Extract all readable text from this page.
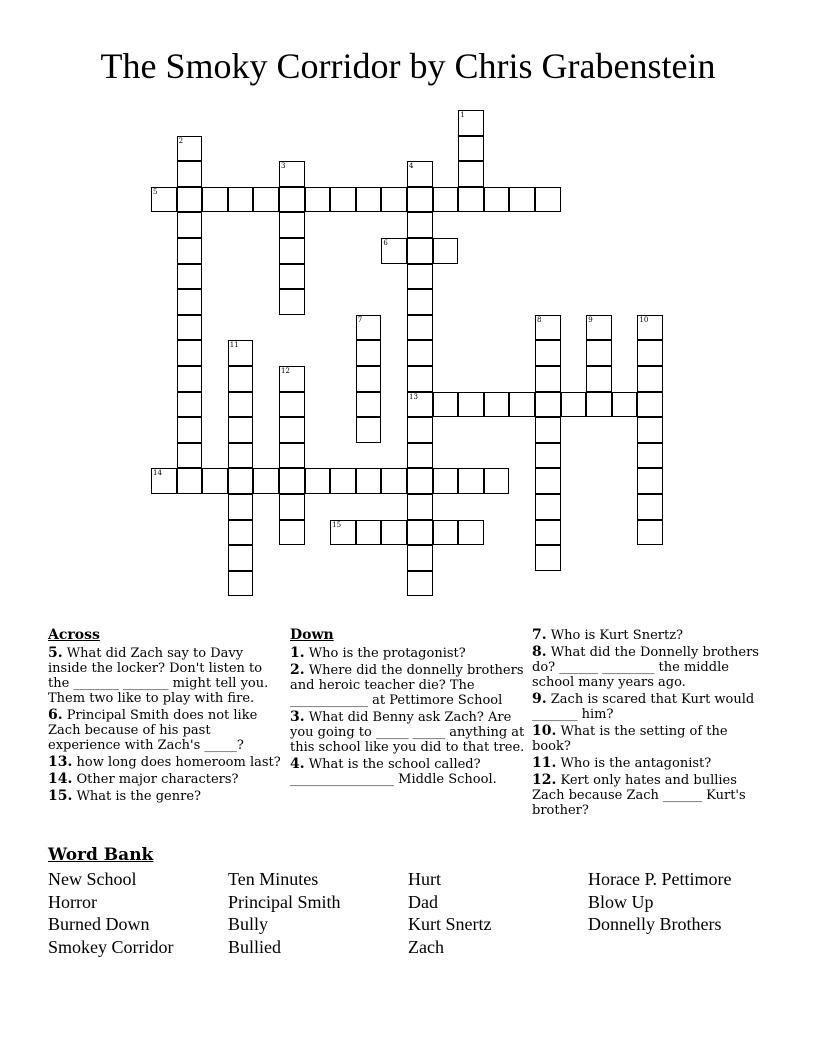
The Smoky Corridor by Chris Grabenstein
1
2
3	4
13
5
6
7	8	9	10
11
12
14
15
Across
5. What did Zach say to Davy inside the locker? Don't listen to the _______ _______ might tell you. Them two like to play with fire.
6. Principal Smith does not like Zach because of his past experience with Zach's _____?
13. how long does homeroom last?
14. Other major characters?
15. What is the genre?
Down
1. Who is the protagonist?
2. Where did the donnelly brothers and heroic teacher die? The ____________ at Pettimore School
3. What did Benny ask Zach? Are you going to _____ _____ anything at this school like you did to that tree.
4. What is the school called?________________ Middle School.
7. Who is Kurt Snertz?
8. What did the Donnelly brothers do? ______ ________ the middle school many years ago.
9. Zach is scared that Kurt would _______ him?
10. What is the setting of the book?
11. Who is the antagonist?
12. Kert only hates and bullies Zach because Zach ______ Kurt's brother?
Word Bank
New School
Horror
Burned Down
Smokey Corridor
Ten Minutes
Principal Smith
Bully
Bullied
Hurt
Dad
Kurt Snertz
Zach
Horace P. Pettimore
Blow Up
Donnelly Brothers
